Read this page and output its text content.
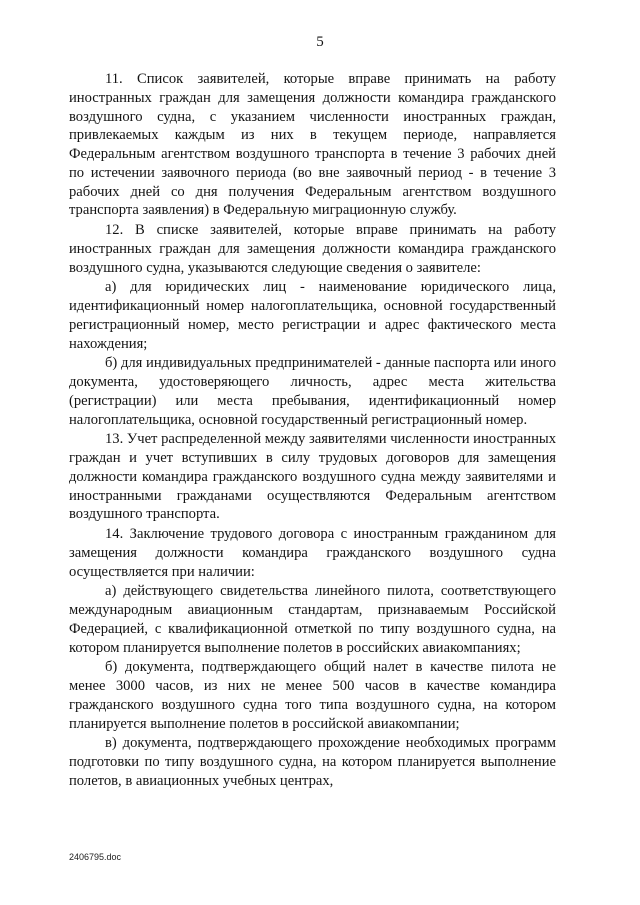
5

11. Список заявителей, которые вправе принимать на работу иностранных граждан для замещения должности командира гражданского воздушного судна, с указанием численности иностранных граждан, привлекаемых каждым из них в текущем периоде, направляется Федеральным агентством воздушного транспорта в течение 3 рабочих дней по истечении заявочного периода (во вне заявочный период - в течение 3 рабочих дней со дня получения Федеральным агентством воздушного транспорта заявления) в Федеральную миграционную службу.

12. В списке заявителей, которые вправе принимать на работу иностранных граждан для замещения должности командира гражданского воздушного судна, указываются следующие сведения о заявителе:

а) для юридических лиц - наименование юридического лица, идентификационный номер налогоплательщика, основной государственный регистрационный номер, место регистрации и адрес фактического места нахождения;

б) для индивидуальных предпринимателей - данные паспорта или иного документа, удостоверяющего личность, адрес места жительства (регистрации) или места пребывания, идентификационный номер налогоплательщика, основной государственный регистрационный номер.

13. Учет распределенной между заявителями численности иностранных граждан и учет вступивших в силу трудовых договоров для замещения должности командира гражданского воздушного судна между заявителями и иностранными гражданами осуществляются Федеральным агентством воздушного транспорта.

14. Заключение трудового договора с иностранным гражданином для замещения должности командира гражданского воздушного судна осуществляется при наличии:

а) действующего свидетельства линейного пилота, соответствующего международным авиационным стандартам, признаваемым Российской Федерацией, с квалификационной отметкой по типу воздушного судна, на котором планируется выполнение полетов в российских авиакомпаниях;

б) документа, подтверждающего общий налет в качестве пилота не менее 3000 часов, из них не менее 500 часов в качестве командира гражданского воздушного судна того типа воздушного судна, на котором планируется выполнение полетов в российской авиакомпании;

в) документа, подтверждающего прохождение необходимых программ подготовки по типу воздушного судна, на котором планируется выполнение полетов, в авиационных учебных центрах,

2406795.doc
